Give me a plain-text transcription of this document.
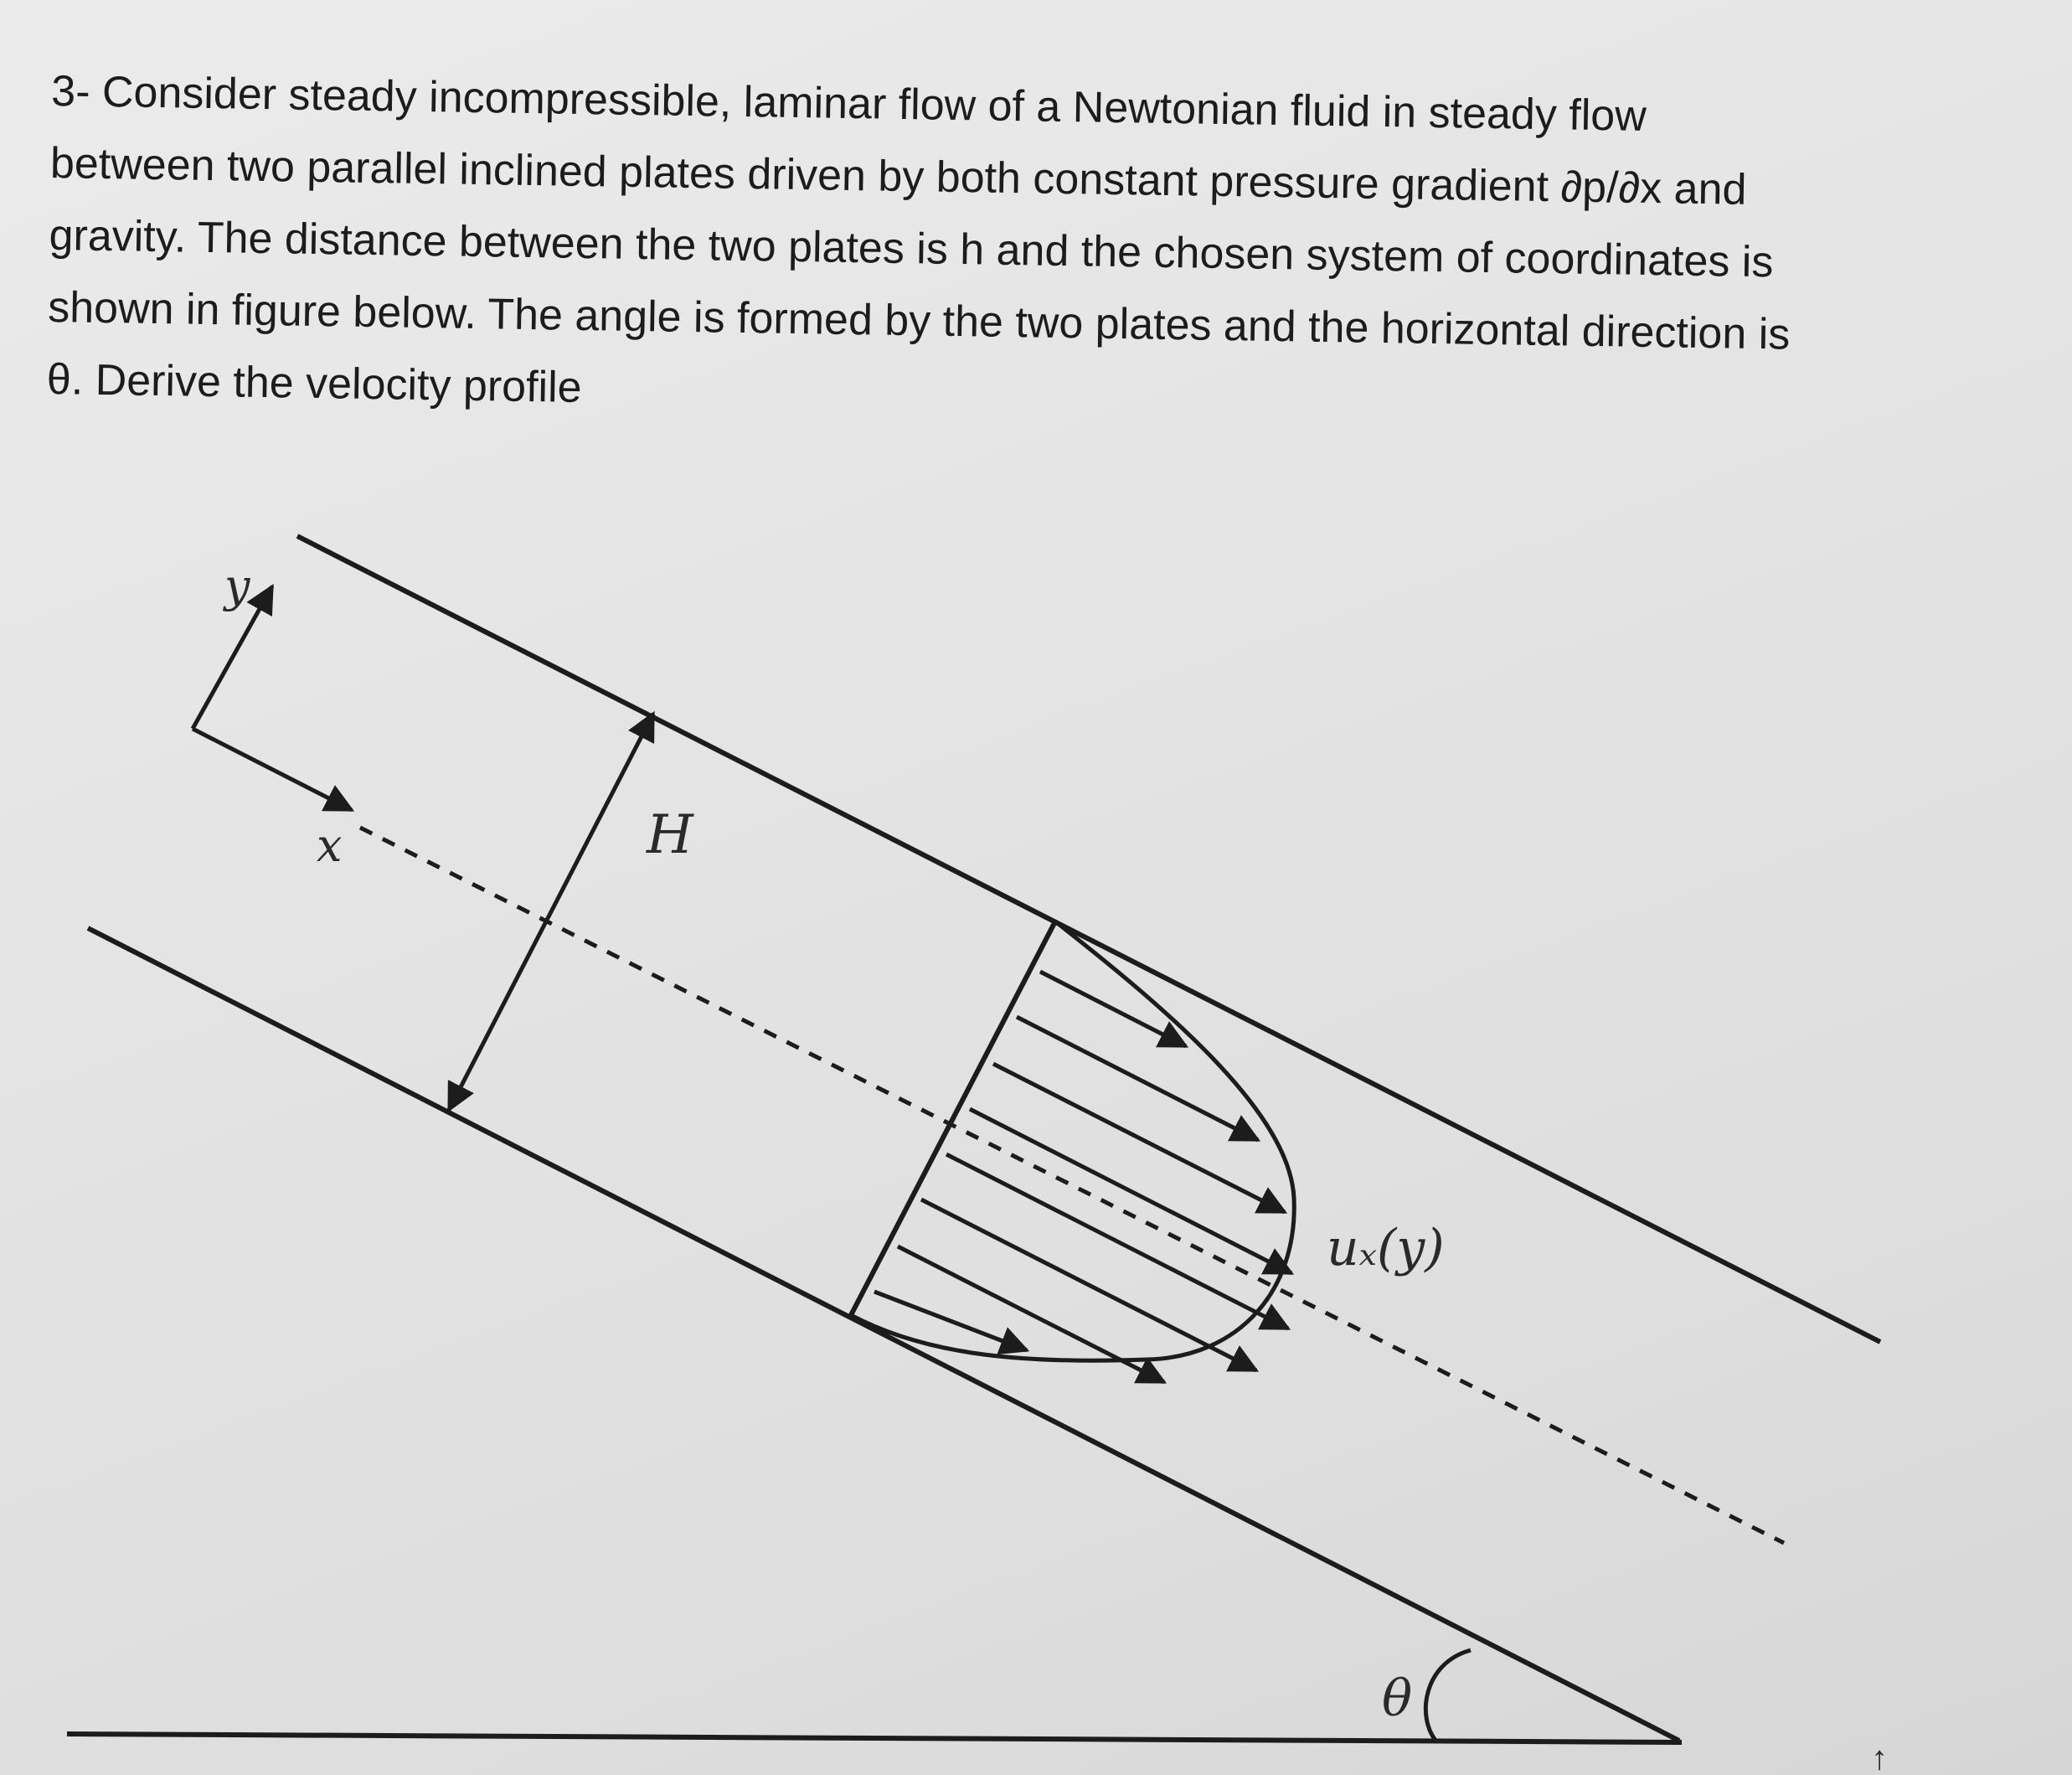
3- Consider steady incompressible, laminar flow of a Newtonian fluid in steady flow

between two parallel inclined plates driven by both constant pressure gradient ∂p/∂x and

gravity. The distance between the two plates is h and the chosen system of coordinates is

shown in figure below. The angle is formed by the two plates and the horizontal direction is

θ. Derive the velocity profile

y
x	H
uₓ(y)
θ
↑
